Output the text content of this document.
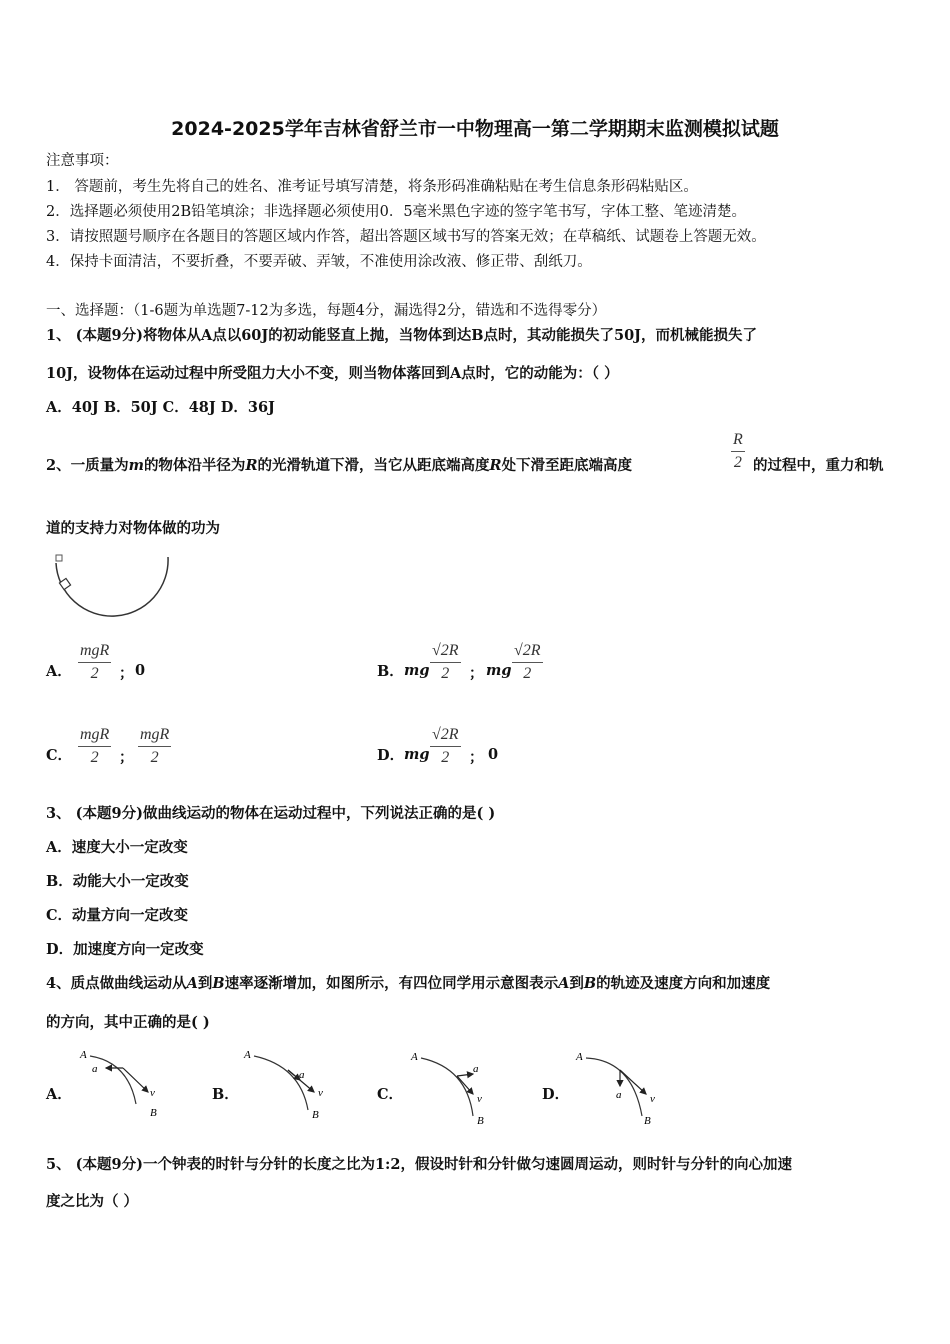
2024-2025学年吉林省舒兰市一中物理高一第二学期期末监测模拟试题
注意事项：
1． 答题前，考生先将自己的姓名、准考证号填写清楚，将条形码准确粘贴在考生信息条形码粘贴区。
2．选择题必须使用2B铅笔填涂；非选择题必须使用0．5毫米黑色字迹的签字笔书写，字体工整、笔迹清楚。
3．请按照题号顺序在各题目的答题区域内作答，超出答题区域书写的答案无效；在草稿纸、试题卷上答题无效。
4．保持卡面清洁，不要折叠，不要弄破、弄皱，不准使用涂改液、修正带、刮纸刀。
一、选择题：（1-6题为单选题7-12为多选，每题4分，漏选得2分，错选和不选得零分）
1、 (本题9分)将物体从A点以60J的初动能竖直上抛，当物体到达B点时，其动能损失了50J，而机械能损失了
10J，设物体在运动过程中所受阻力大小不变，则当物体落回到A点时，它的动能为：（ ）
A．40J B．50J C．48J D．36J
2、一质量为m的物体沿半径为R的光滑轨道下滑，当它从距底端高度R处下滑至距底端高度	$\frac{R}{2}$ 的过程中，重力和轨
道的支持力对物体做的功为
A．
mgR
2	； 0	B． mg $\frac{√2R}{2}$ ； mg $\frac{√2R}{2}$
C．
mgR
2	；
mgR
2	D． mg $\frac{√2R}{2}$ ； 0
3、 (本题9分)做曲线运动的物体在运动过程中，下列说法正确的是( )
A．速度大小一定改变
B．动能大小一定改变
C．动量方向一定改变
D．加速度方向一定改变
4、质点做曲线运动从A到B速率逐渐增加，如图所示，有四位同学用示意图表示A到B的轨迹及速度方向和加速度
的方向，其中正确的是( )
A．
A
a
v
B
B．
A
a
v
B
C．
A
a
v
B
D．
A
a	v
B
5、 (本题9分)一个钟表的时针与分针的长度之比为1:2，假设时针和分针做匀速圆周运动，则时针与分针的向心加速
度之比为（ ）
